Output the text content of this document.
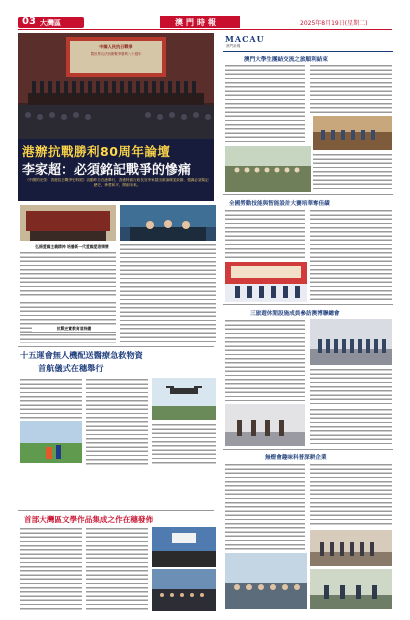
03 大灣區	澳門時報	2025年8月19日(星期二)
中國人民抗日戰爭
暨世界反法西斯戰爭勝利八十週年
港辦抗戰勝利80周年論壇
李家超：必須銘記戰爭的慘痛
《中國的光榮：香港抗日戰爭史料展》活動昨日在港舉行，香港特區行政長官李家超出席論壇並致辭，強調必須銘記歷史，珍愛和平，開創未來。
弘揚愛國主義精神 培養新一代愛國愛港情懷
抗戰史實教育須持續
十五運會無人機配送醫療急救物資
首航儀式在穗舉行
首部大灣區文學作品集成之作在穗發佈
MACAU
澳門新聞
澳門大學生團結交流之旅順利結束
全國勞動技能與智能設計大賽培華奪佳績
三旅遊休閒設施成員參訪澳博聯總會
無燈會趣味科普深耕企業
